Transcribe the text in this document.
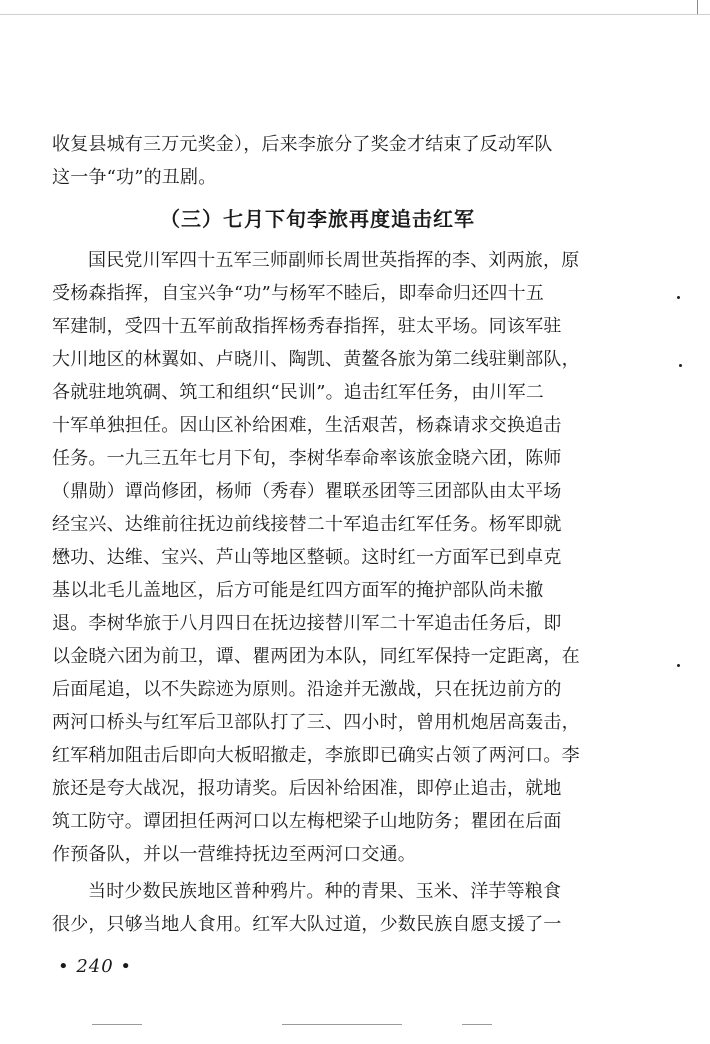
收复县城有三万元奖金），后来李旅分了奖金才结束了反动军队

这一争“功”的丑剧。

（三）七月下旬李旅再度追击红军

国民党川军四十五军三师副师长周世英指挥的李、刘两旅，原

受杨森指挥，自宝兴争“功”与杨军不睦后，即奉命归还四十五

军建制，受四十五军前敌指挥杨秀春指挥，驻太平场。同该军驻

大川地区的林翼如、卢晓川、陶凯、黄鳌各旅为第二线驻剿部队，

各就驻地筑碉、筑工和组织“民训”。追击红军任务，由川军二

十军单独担任。因山区补给困难，生活艰苦，杨森请求交换追击

任务。一九三五年七月下旬，李树华奉命率该旅金晓六团，陈师

（鼎勋）谭尚修团，杨师（秀春）瞿联丞团等三团部队由太平场

经宝兴、达维前往抚边前线接替二十军追击红军任务。杨军即就

懋功、达维、宝兴、芦山等地区整顿。这时红一方面军已到卓克

基以北毛儿盖地区，后方可能是红四方面军的掩护部队尚未撤

退。李树华旅于八月四日在抚边接替川军二十军追击任务后，即

以金晓六团为前卫，谭、瞿两团为本队，同红军保持一定距离，在

后面尾追，以不失踪迹为原则。沿途并无激战，只在抚边前方的

两河口桥头与红军后卫部队打了三、四小时，曾用机炮居高轰击，

红军稍加阻击后即向大板昭撤走，李旅即已确实占领了两河口。李

旅还是夸大战况，报功请奖。后因补给困准，即停止追击，就地

筑工防守。谭团担任两河口以左梅杷梁子山地防务；瞿团在后面

作预备队，并以一营维持抚边至两河口交通。

当时少数民族地区普种鸦片。种的青果、玉米、洋芋等粮食

很少，只够当地人食用。红军大队过道，少数民族自愿支援了一

• 240 •
